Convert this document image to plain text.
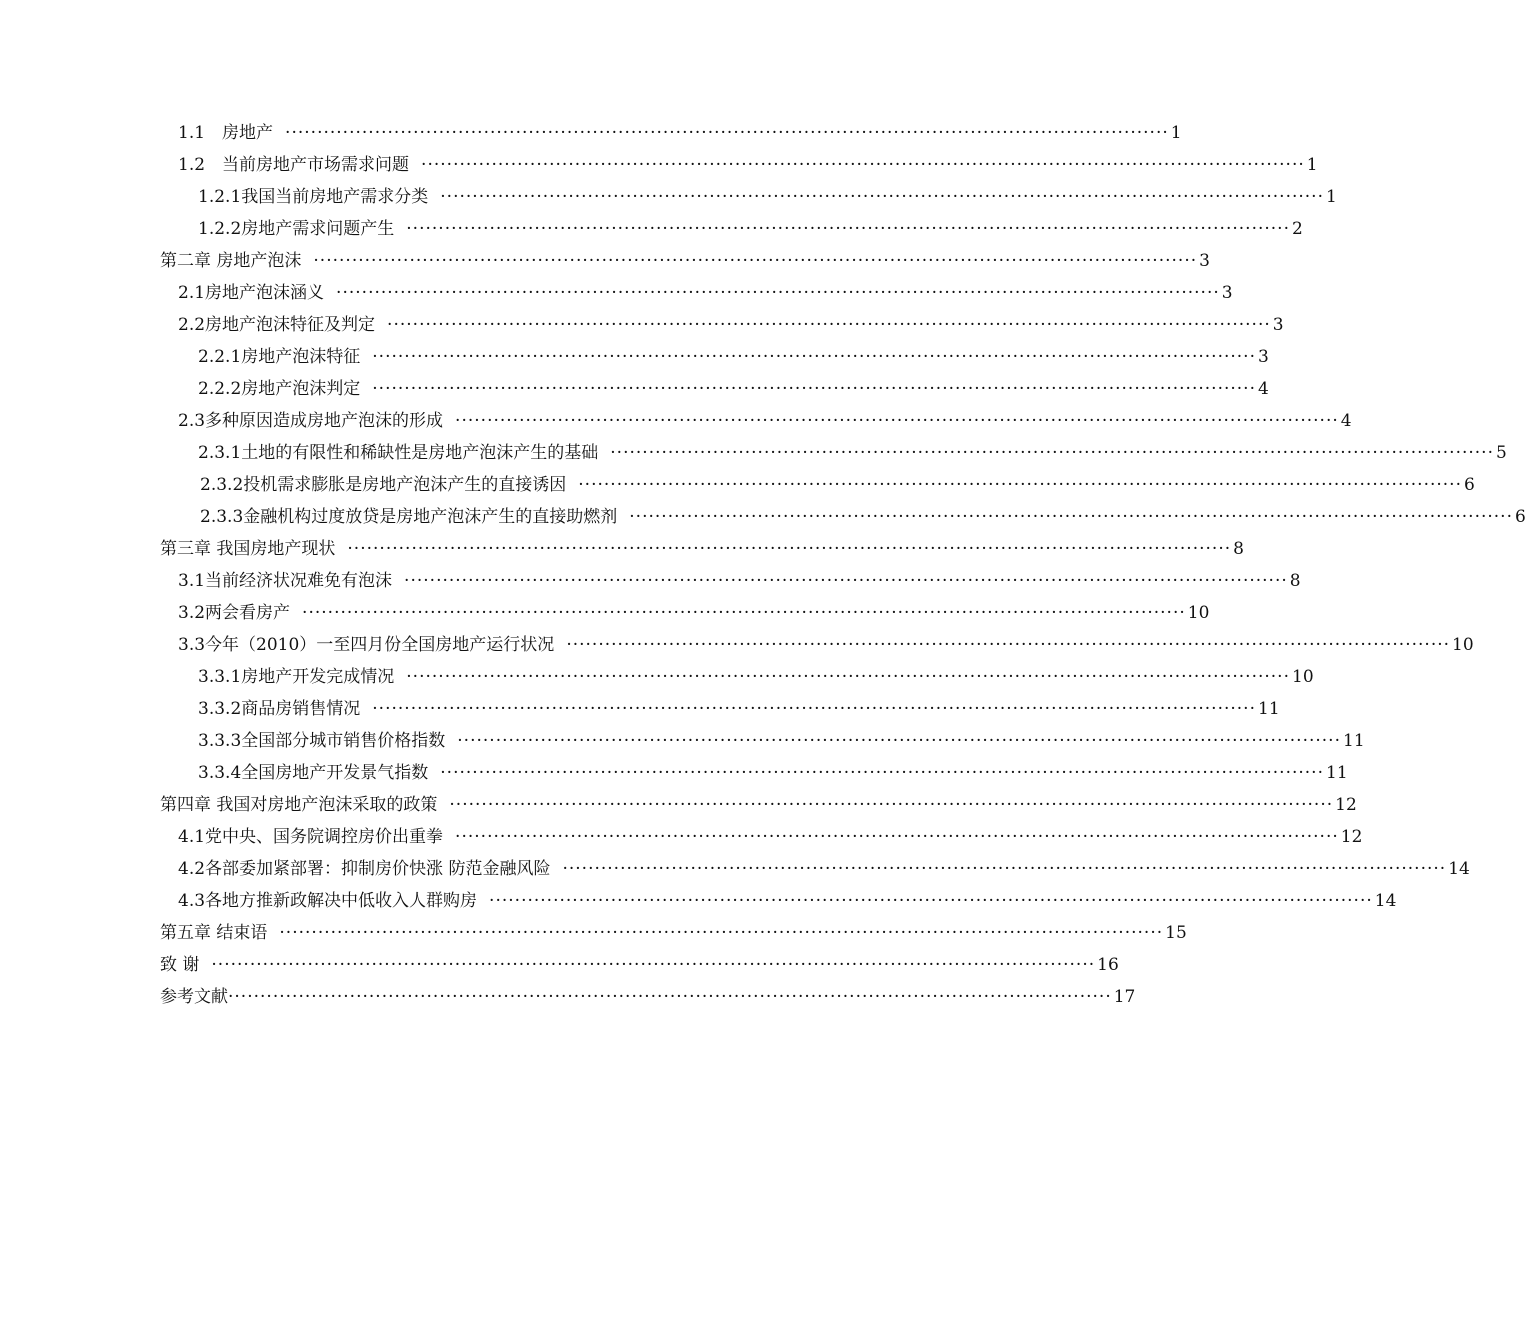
1.1　房地产 ·········································································································································· 1
1.2　当前房地产市场需求问题 ·········································································································································· 1
1.2.1我国当前房地产需求分类 ·········································································································································· 1
1.2.2房地产需求问题产生 ·········································································································································· 2
第二章 房地产泡沫 ·········································································································································· 3
2.1房地产泡沫涵义 ·········································································································································· 3
2.2房地产泡沫特征及判定 ·········································································································································· 3
2.2.1房地产泡沫特征 ·········································································································································· 3
2.2.2房地产泡沫判定 ·········································································································································· 4
2.3多种原因造成房地产泡沫的形成 ·········································································································································· 4
2.3.1土地的有限性和稀缺性是房地产泡沫产生的基础 ·········································································································································· 5
2.3.2投机需求膨胀是房地产泡沫产生的直接诱因 ·········································································································································· 6
2.3.3金融机构过度放贷是房地产泡沫产生的直接助燃剂 ·········································································································································· 6
第三章 我国房地产现状 ·········································································································································· 8
3.1当前经济状况难免有泡沫 ·········································································································································· 8
3.2两会看房产 ·········································································································································· 10
3.3今年（2010）一至四月份全国房地产运行状况 ·········································································································································· 10
3.3.1房地产开发完成情况 ·········································································································································· 10
3.3.2商品房销售情况 ·········································································································································· 11
3.3.3全国部分城市销售价格指数 ·········································································································································· 11
3.3.4全国房地产开发景气指数 ·········································································································································· 11
第四章 我国对房地产泡沫采取的政策 ·········································································································································· 12
4.1党中央、国务院调控房价出重拳 ·········································································································································· 12
4.2各部委加紧部署：抑制房价快涨 防范金融风险 ·········································································································································· 14
4.3各地方推新政解决中低收入人群购房 ·········································································································································· 14
第五章 结束语 ·········································································································································· 15
致 谢 ·········································································································································· 16
参考文献 ·········································································································································· 17
